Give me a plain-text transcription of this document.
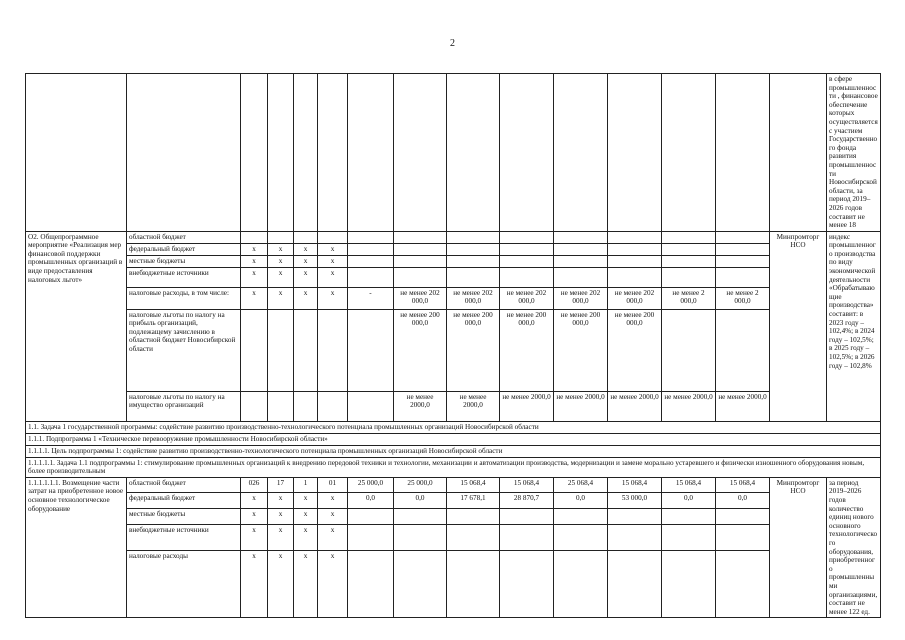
2
															в сфере промышленности , финансовое обеспечение которых осуществляется с участием Государственного фонда развития промышленности Новосибирской области, за период 2019–2026 годов составит не менее 18
О2. Общепрограммное мероприятие «Реализация мер финансовой поддержки промышленных организаций в виде предоставления налоговых льгот»	областной бюджет													Минпромторг НСО	индекс промышленного производства по виду экономической деятельности «Обрабатывающие производства» составит: в 2023 году – 102,4%; в 2024 году – 102,5%; в 2025 году – 102,5%; в 2026 году – 102,8%
	федеральный бюджет	х	х	х	х										
	местные бюджеты	х	х	х	х										
	внебюджетные источники	х	х	х	х										
	налоговые расходы, в том числе:	х	х	х	х	-	не менее 202 000,0	не менее 202 000,0	не менее 202 000,0	не менее 202 000,0	не менее 202 000,0	не менее 2 000,0	не менее 2 000,0		
	налоговые льготы по налогу на прибыль организаций, подлежащему зачислению в областной бюджет Новосибирской области						не менее 200 000,0	не менее 200 000,0	не менее 200 000,0	не менее 200 000,0	не менее 200 000,0				
	налоговые льготы по налогу на имущество организаций						не менее 2000,0	не менее 2000,0	не менее 2000,0	не менее 2000,0	не менее 2000,0	не менее 2000,0	не менее 2000,0		
1.1. Задача 1 государственной программы: содействие развитию производственно-технологического потенциала промышленных организаций Новосибирской области															
1.1.1. Подпрограмма 1 «Техническое перевооружение промышленности Новосибирской области»															
1.1.1.1. Цель подпрограммы 1: содействие развитию производственно-технологического потенциала промышленных организаций Новосибирской области															
1.1.1.1.1. Задача 1.1 подпрограммы 1: стимулирование промышленных организаций к внедрению передовой техники и технологии, механизации и автоматизации производства, модернизации и замене морально устаревшего и физически изношенного оборудования новым, более производительным															
1.1.1.1.1.1. Возмещение части затрат на приобретенное новое основное технологическое оборудование	областной бюджет	026	17	1	01	25 000,0	25 000,0	15 068,4	15 068,4	25 068,4	15 068,4	15 068,4	15 068,4	Минпромторг НСО	за период 2019–2026 годов количество единиц нового основного технологического оборудования, приобретенного промышленными организациями, составит не менее 122 ед.
	федеральный бюджет	х	х	х	х	0,0	0,0	17 678,1	28 870,7	0,0	53 000,0	0,0	0,0		
	местные бюджеты	х	х	х	х										
	внебюджетные источники	х	х	х	х										
	налоговые расходы	х	х	х	х										
